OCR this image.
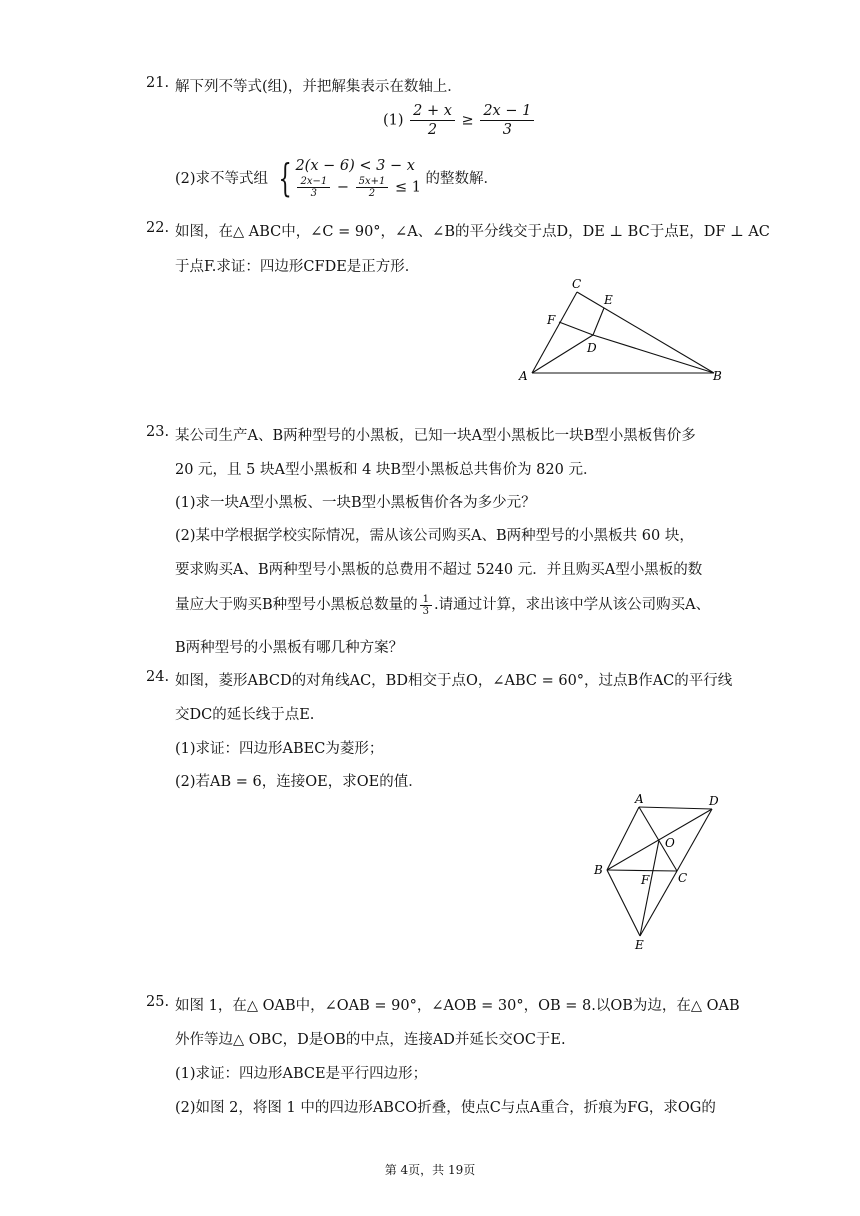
21. 解下列不等式(组)，并把解集表示在数轴上．
$(1) \frac{2 + x}{2} \ge \frac{2x - 1}{3}$
(2)求不等式组 { 2(x − 6) < 3 − x
$\frac{2x-1}{3} - \frac{5x+1}{2} \le 1$
的整数解．
22. 如图，在△ ABC中，∠C = 90°，∠A、∠B的平分线交于点D，DE ⊥ BC于点E，DF ⊥ AC
于点F.求证：四边形CFDE是正方形．
C
E
F
D
A	B
23. 某公司生产A、B两种型号的小黑板，已知一块A型小黑板比一块B型小黑板售价多
20 元，且 5 块A型小黑板和 4 块B型小黑板总共售价为 820 元．
(1)求一块A型小黑板、一块B型小黑板售价各为多少元？
(2)某中学根据学校实际情况，需从该公司购买A、B两种型号的小黑板共 60 块，
要求购买A、B两种型号小黑板的总费用不超过 5240 元．并且购买A型小黑板的数
量应大于购买B种型号小黑板总数量的 $\frac{1}{3}$ .请通过计算，求出该中学从该公司购买A、
B两种型号的小黑板有哪几种方案？
24. 如图，菱形ABCD的对角线AC，BD相交于点O，∠ABC = 60°，过点B作AC的平行线
交DC的延长线于点E.
(1)求证：四边形ABEC为菱形；
(2)若AB = 6，连接OE，求OE的值．
A	D
O
B
F C
E
25. 如图 1，在△ OAB中，∠OAB = 90°，∠AOB = 30°，OB = 8.以OB为边，在△ OAB
外作等边△ OBC，D是OB的中点，连接AD并延长交OC于E.
(1)求证：四边形ABCE是平行四边形；
(2)如图 2，将图 1 中的四边形ABCO折叠，使点C与点A重合，折痕为FG，求OG的
第 4页，共 19页
